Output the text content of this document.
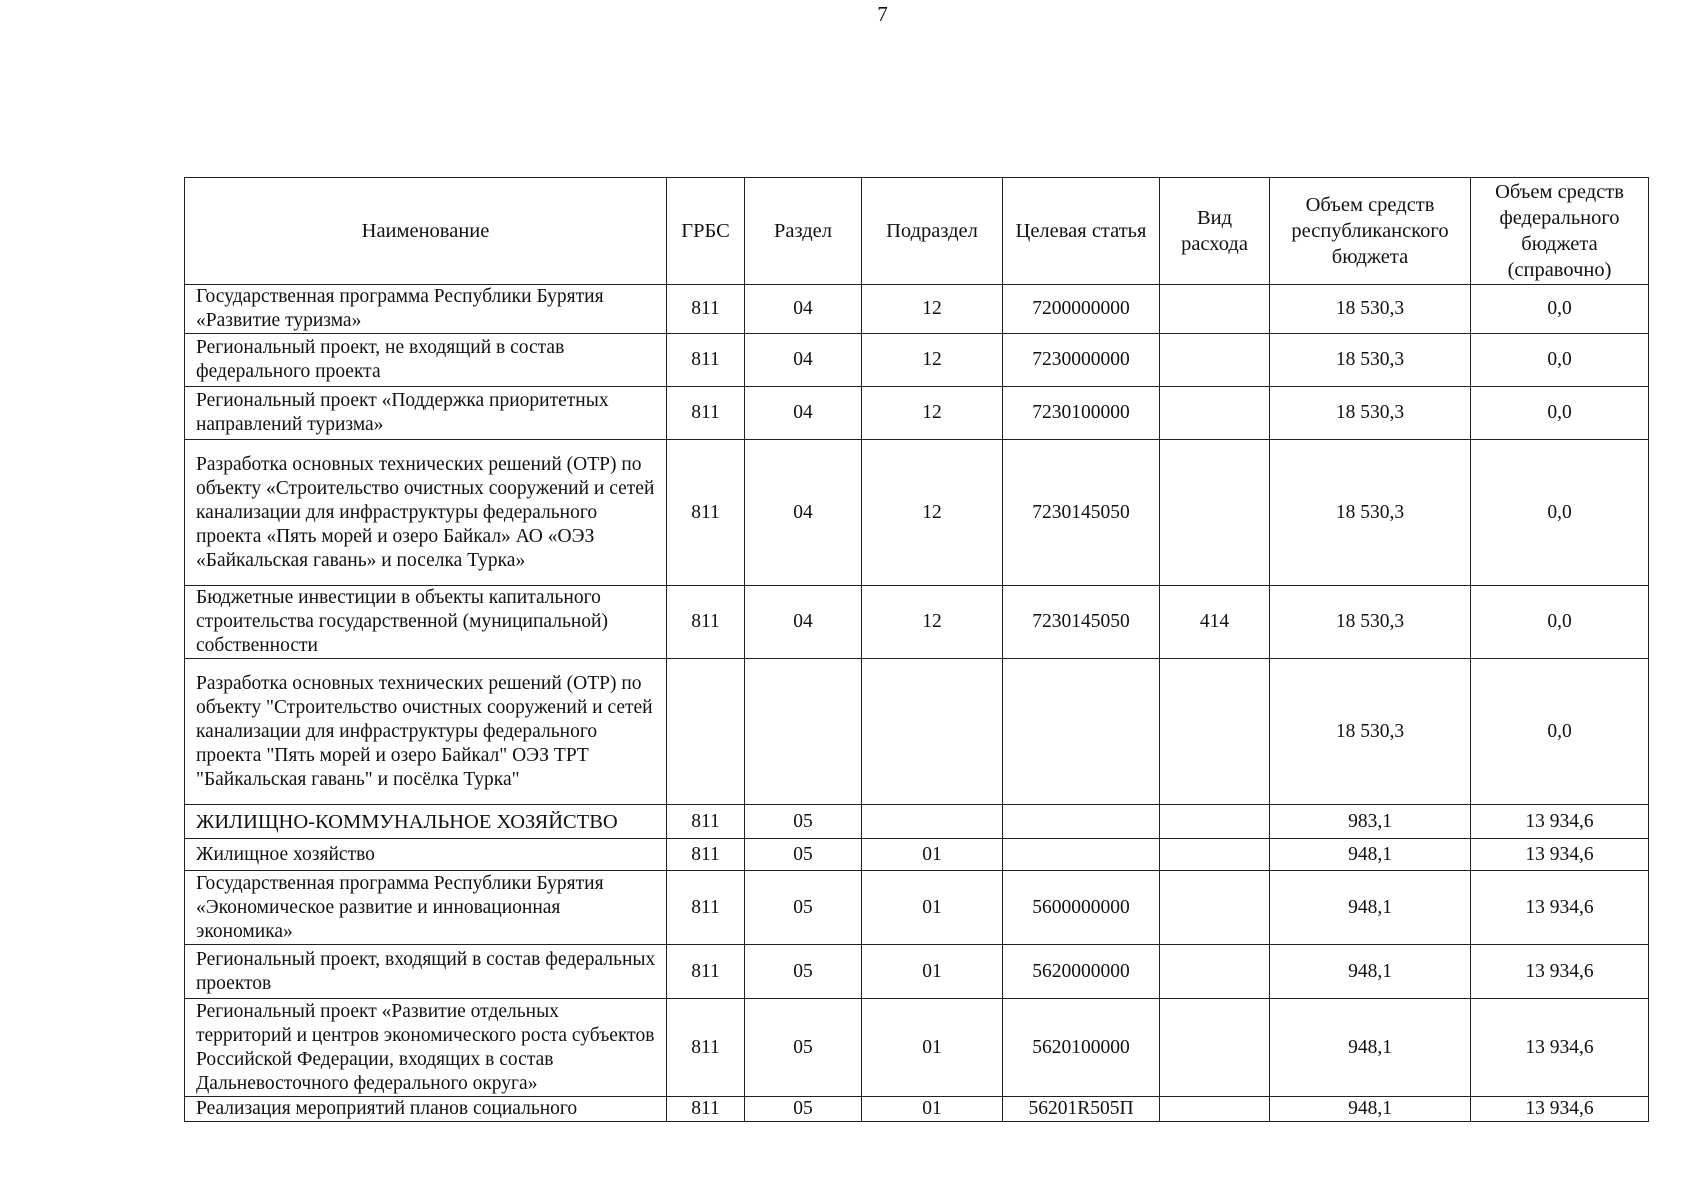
7
Наименование	ГРБС	Раздел	Подраздел	Целевая статья	Вид расхода	Объем средств республиканского бюджета	Объем средств федерального бюджета (справочно)
Государственная программа Республики Бурятия «Развитие туризма»	811	04	12	7200000000		18 530,3	0,0
Региональный проект, не входящий в состав федерального проекта	811	04	12	7230000000		18 530,3	0,0
Региональный проект «Поддержка приоритетных направлений туризма»	811	04	12	7230100000		18 530,3	0,0
Разработка основных технических решений (ОТР) по объекту «Строительство очистных сооружений и сетей канализации для инфраструктуры федерального проекта «Пять морей и озеро Байкал» АО «ОЭЗ «Байкальская гавань» и поселка Турка»	811	04	12	7230145050		18 530,3	0,0
Бюджетные инвестиции в объекты капитального строительства государственной (муниципальной) собственности	811	04	12	7230145050	414	18 530,3	0,0
Разработка основных технических решений (ОТР) по объекту "Строительство очистных сооружений и сетей канализации для инфраструктуры федерального проекта "Пять морей и озеро Байкал" ОЭЗ ТРТ "Байкальская гавань" и посёлка Турка"						18 530,3	0,0
ЖИЛИЩНО-КОММУНАЛЬНОЕ ХОЗЯЙСТВО	811	05				983,1	13 934,6
Жилищное хозяйство	811	05	01			948,1	13 934,6
Государственная программа Республики Бурятия «Экономическое развитие и инновационная экономика»	811	05	01	5600000000		948,1	13 934,6
Региональный проект, входящий в состав федеральных проектов	811	05	01	5620000000		948,1	13 934,6
Региональный проект «Развитие отдельных территорий и центров экономического роста субъектов Российской Федерации, входящих в состав Дальневосточного федерального округа»	811	05	01	5620100000		948,1	13 934,6
Реализация мероприятий планов социального	811	05	01	56201R505П		948,1	13 934,6
